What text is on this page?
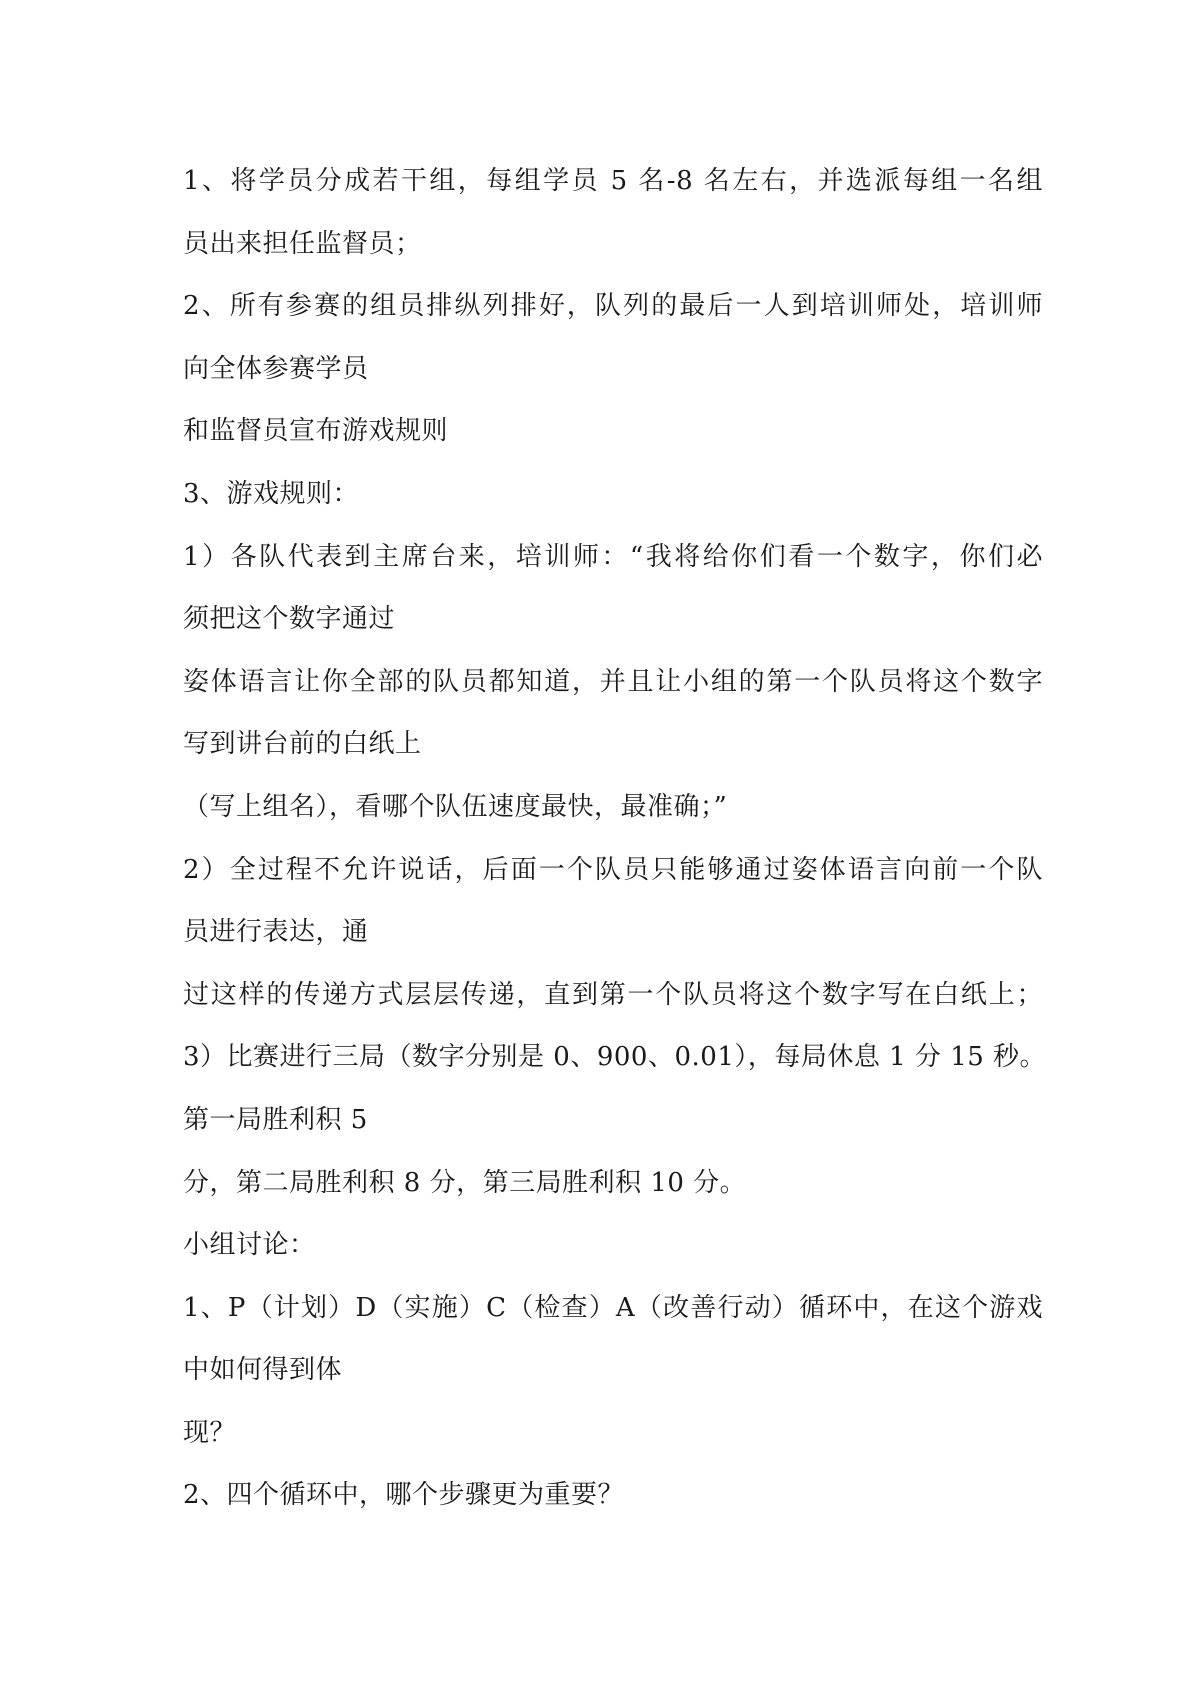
1、将学员分成若干组，每组学员 5 名-8 名左右，并选派每组一名组
员出来担任监督员；
2、所有参赛的组员排纵列排好，队列的最后一人到培训师处，培训师
向全体参赛学员
和监督员宣布游戏规则
3、游戏规则：
1）各队代表到主席台来，培训师：“我将给你们看一个数字，你们必
须把这个数字通过
姿体语言让你全部的队员都知道，并且让小组的第一个队员将这个数字
写到讲台前的白纸上
（写上组名），看哪个队伍速度最快，最准确；”
2）全过程不允许说话，后面一个队员只能够通过姿体语言向前一个队
员进行表达，通
过这样的传递方式层层传递，直到第一个队员将这个数字写在白纸上；
3）比赛进行三局（数字分别是 0、900、0.01），每局休息 1 分 15 秒。
第一局胜利积 5
分，第二局胜利积 8 分，第三局胜利积 10 分。
小组讨论：
1、P（计划）D（实施）C（检查）A（改善行动）循环中，在这个游戏
中如何得到体
现？
2、四个循环中，哪个步骤更为重要？
